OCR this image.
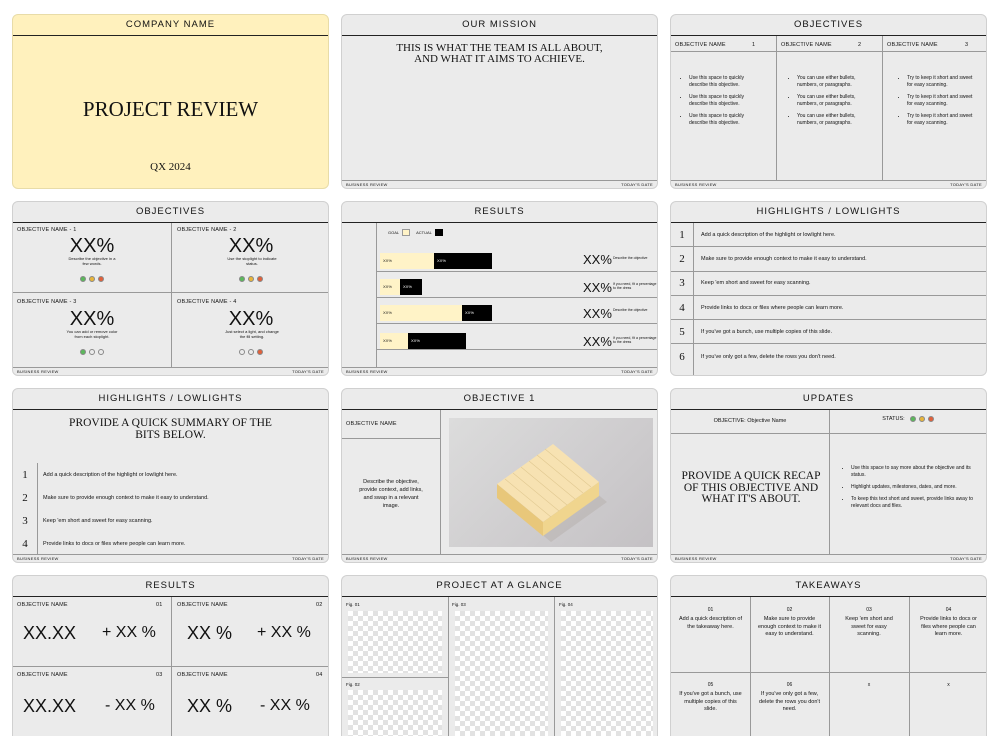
COMPANY NAME
PROJECT REVIEW
QX 2024
OUR MISSION
THIS IS WHAT THE TEAM IS ALL ABOUT, AND WHAT IT AIMS TO ACHIEVE.
BUSINESS REVIEW	TODAY'S DATE
OBJECTIVES
OBJECTIVE NAME	1	OBJECTIVE NAME	2	OBJECTIVE NAME	3
• Use this space to quickly describe this objective.
• Use this space to quickly describe this objective.
• Use this space to quickly describe this objective.
• You can use either bullets, numbers, or paragraphs.
• You can use either bullets, numbers, or paragraphs.
• You can use either bullets, numbers, or paragraphs.
• Try to keep it short and sweet for easy scanning.
• Try to keep it short and sweet for easy scanning.
• Try to keep it short and sweet for easy scanning.
BUSINESS REVIEW	TODAY'S DATE
OBJECTIVES
OBJECTIVE NAME - 1
XX%
Describe the objective in a few words.
OBJECTIVE NAME - 2
XX%
Use the stoplight to indicate status.
OBJECTIVE NAME - 3
XX%
You can add or remove color from each stoplight.
OBJECTIVE NAME - 4
XX%
Just select a light, and change the fill setting.
BUSINESS REVIEW	TODAY'S DATE
RESULTS
GOAL	ACTUAL
XX%	XX%	XX% Describe the objective
XX%	XX%	XX% If you need, fit a percentage to the dress
XX%	XX%	XX% Describe the objective
XX%	XX%	XX% If you need, fit a percentage to the dress
BUSINESS REVIEW	TODAY'S DATE
HIGHLIGHTS / LOWLIGHTS
1	Add a quick description of the highlight or lowlight here.
2	Make sure to provide enough context to make it easy to understand.
3	Keep 'em short and sweet for easy scanning.
4	Provide links to docs or files where people can learn more.
5	If you've got a bunch, use multiple copies of this slide.
6	If you've only got a few, delete the rows you don't need.
HIGHLIGHTS / LOWLIGHTS
PROVIDE A QUICK SUMMARY OF THE BITS BELOW.
1	Add a quick description of the highlight or lowlight here.
2	Make sure to provide enough context to make it easy to understand.
3	Keep 'em short and sweet for easy scanning.
4	Provide links to docs or files where people can learn more.
BUSINESS REVIEW	TODAY'S DATE
OBJECTIVE 1
OBJECTIVE NAME
Describe the objective, provide context, add links, and swap in a relevant image.
BUSINESS REVIEW	TODAY'S DATE
UPDATES
OBJECTIVE: Objective Name	STATUS:
PROVIDE A QUICK RECAP OF THIS OBJECTIVE AND WHAT IT'S ABOUT.
• Use this space to say more about the objective and its status.
• Highlight updates, milestones, dates, and more.
• To keep this text short and sweet, provide links away to relevant docs and files.
BUSINESS REVIEW	TODAY'S DATE
RESULTS
OBJECTIVE NAME	01
XX.XX + XX %
OBJECTIVE NAME	02
XX % + XX %
OBJECTIVE NAME	03
XX.XX - XX %
OBJECTIVE NAME	04
XX % - XX %
PROJECT AT A GLANCE
Fig. 01	Fig. 03	Fig. 04
Fig. 02
TAKEAWAYS
01
Add a quick description of the takeaway here.
02
Make sure to provide enough context to make it easy to understand.
03
Keep 'em short and sweet for easy scanning.
04
Provide links to docs or files where people can learn more.
05
If you've got a bunch, use multiple copies of this slide.
06
If you've only got a few, delete the rows you don't need.
x	x
